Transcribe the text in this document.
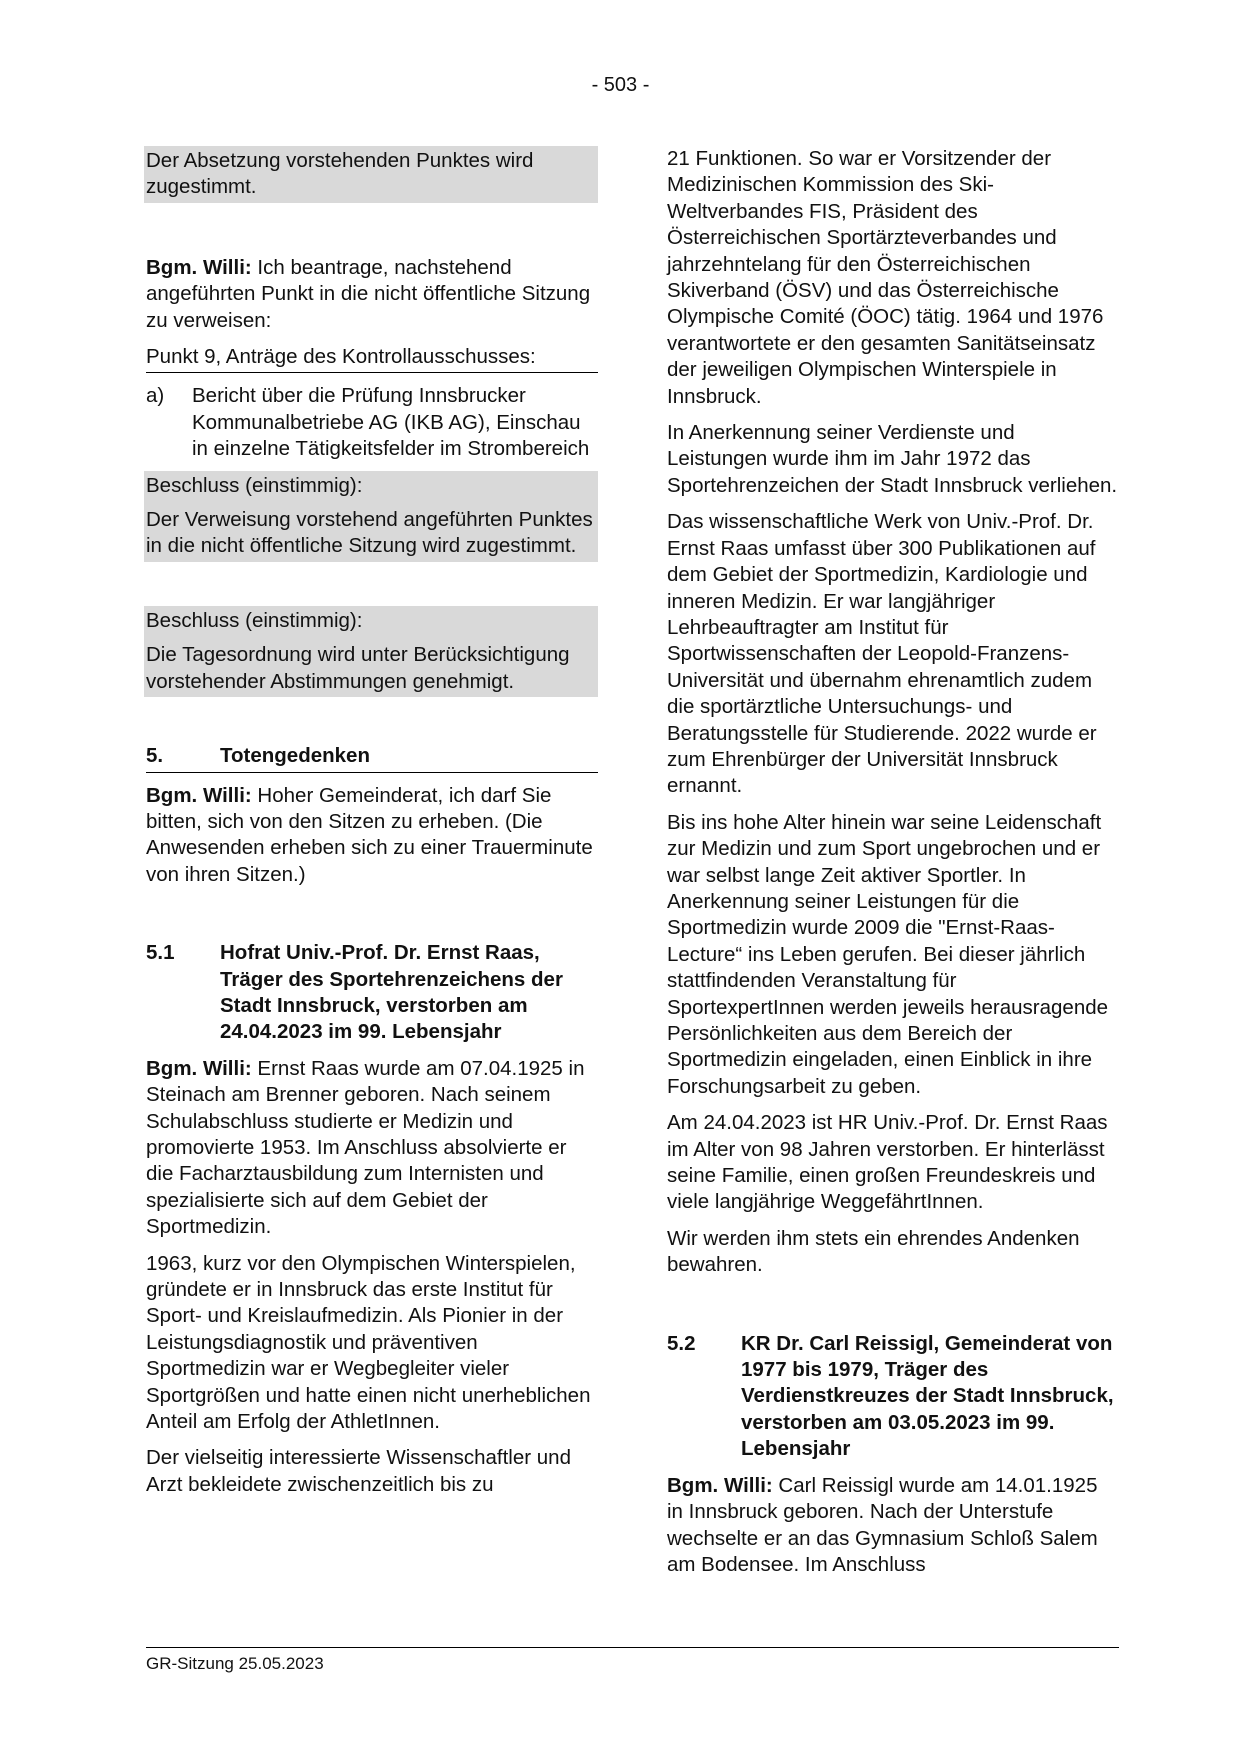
- 503 -

Der Absetzung vorstehenden Punktes wird zugestimmt.

Bgm. Willi: Ich beantrage, nachstehend angeführten Punkt in die nicht öffentliche Sitzung zu verweisen:

Punkt 9, Anträge des Kontrollausschusses:

a)	Bericht über die Prüfung Innsbrucker Kommunalbetriebe AG (IKB AG), Einschau in einzelne Tätigkeitsfelder im Strombereich

Beschluss (einstimmig):

Der Verweisung vorstehend angeführten Punktes in die nicht öffentliche Sitzung wird zugestimmt.

Beschluss (einstimmig):

Die Tagesordnung wird unter Berücksichtigung vorstehender Abstimmungen genehmigt.

5.	Totengedenken

Bgm. Willi: Hoher Gemeinderat, ich darf Sie bitten, sich von den Sitzen zu erheben. (Die Anwesenden erheben sich zu einer Trauerminute von ihren Sitzen.)

5.1	Hofrat Univ.-Prof. Dr. Ernst Raas, Träger des Sportehrenzeichens der Stadt Innsbruck, verstorben am 24.04.2023 im 99. Lebensjahr

Bgm. Willi: Ernst Raas wurde am 07.04.1925 in Steinach am Brenner geboren. Nach seinem Schulabschluss studierte er Medizin und promovierte 1953. Im Anschluss absolvierte er die Facharztausbildung zum Internisten und spezialisierte sich auf dem Gebiet der Sportmedizin.

1963, kurz vor den Olympischen Winterspielen, gründete er in Innsbruck das erste Institut für Sport- und Kreislaufmedizin. Als Pionier in der Leistungsdiagnostik und präventiven Sportmedizin war er Wegbegleiter vieler Sportgrößen und hatte einen nicht unerheblichen Anteil am Erfolg der AthletInnen.

Der vielseitig interessierte Wissenschaftler und Arzt bekleidete zwischenzeitlich bis zu

21 Funktionen. So war er Vorsitzender der Medizinischen Kommission des Ski-Weltverbandes FIS, Präsident des Österreichischen Sportärzteverbandes und jahrzehntelang für den Österreichischen Skiverband (ÖSV) und das Österreichische Olympische Comité (ÖOC) tätig. 1964 und 1976 verantwortete er den gesamten Sanitätseinsatz der jeweiligen Olympischen Winterspiele in Innsbruck.

In Anerkennung seiner Verdienste und Leistungen wurde ihm im Jahr 1972 das Sportehrenzeichen der Stadt Innsbruck verliehen.

Das wissenschaftliche Werk von Univ.-Prof. Dr. Ernst Raas umfasst über 300 Publikationen auf dem Gebiet der Sportmedizin, Kardiologie und inneren Medizin. Er war langjähriger Lehrbeauftragter am Institut für Sportwissenschaften der Leopold-Franzens-Universität und übernahm ehrenamtlich zudem die sportärztliche Untersuchungs- und Beratungsstelle für Studierende. 2022 wurde er zum Ehrenbürger der Universität Innsbruck ernannt.

Bis ins hohe Alter hinein war seine Leidenschaft zur Medizin und zum Sport ungebrochen und er war selbst lange Zeit aktiver Sportler. In Anerkennung seiner Leistungen für die Sportmedizin wurde 2009 die "Ernst-Raas-Lecture“ ins Leben gerufen. Bei dieser jährlich stattfindenden Veranstaltung für SportexpertInnen werden jeweils herausragende Persönlichkeiten aus dem Bereich der Sportmedizin eingeladen, einen Einblick in ihre Forschungsarbeit zu geben.

Am 24.04.2023 ist HR Univ.-Prof. Dr. Ernst Raas im Alter von 98 Jahren verstorben. Er hinterlässt seine Familie, einen großen Freundeskreis und viele langjährige WeggefährtInnen.

Wir werden ihm stets ein ehrendes Andenken bewahren.

5.2	KR Dr. Carl Reissigl, Gemeinderat von 1977 bis 1979, Träger des Verdienstkreuzes der Stadt Innsbruck, verstorben am 03.05.2023 im 99. Lebensjahr

Bgm. Willi: Carl Reissigl wurde am 14.01.1925 in Innsbruck geboren. Nach der Unterstufe wechselte er an das Gymnasium Schloß Salem am Bodensee. Im Anschluss

GR-Sitzung 25.05.2023
